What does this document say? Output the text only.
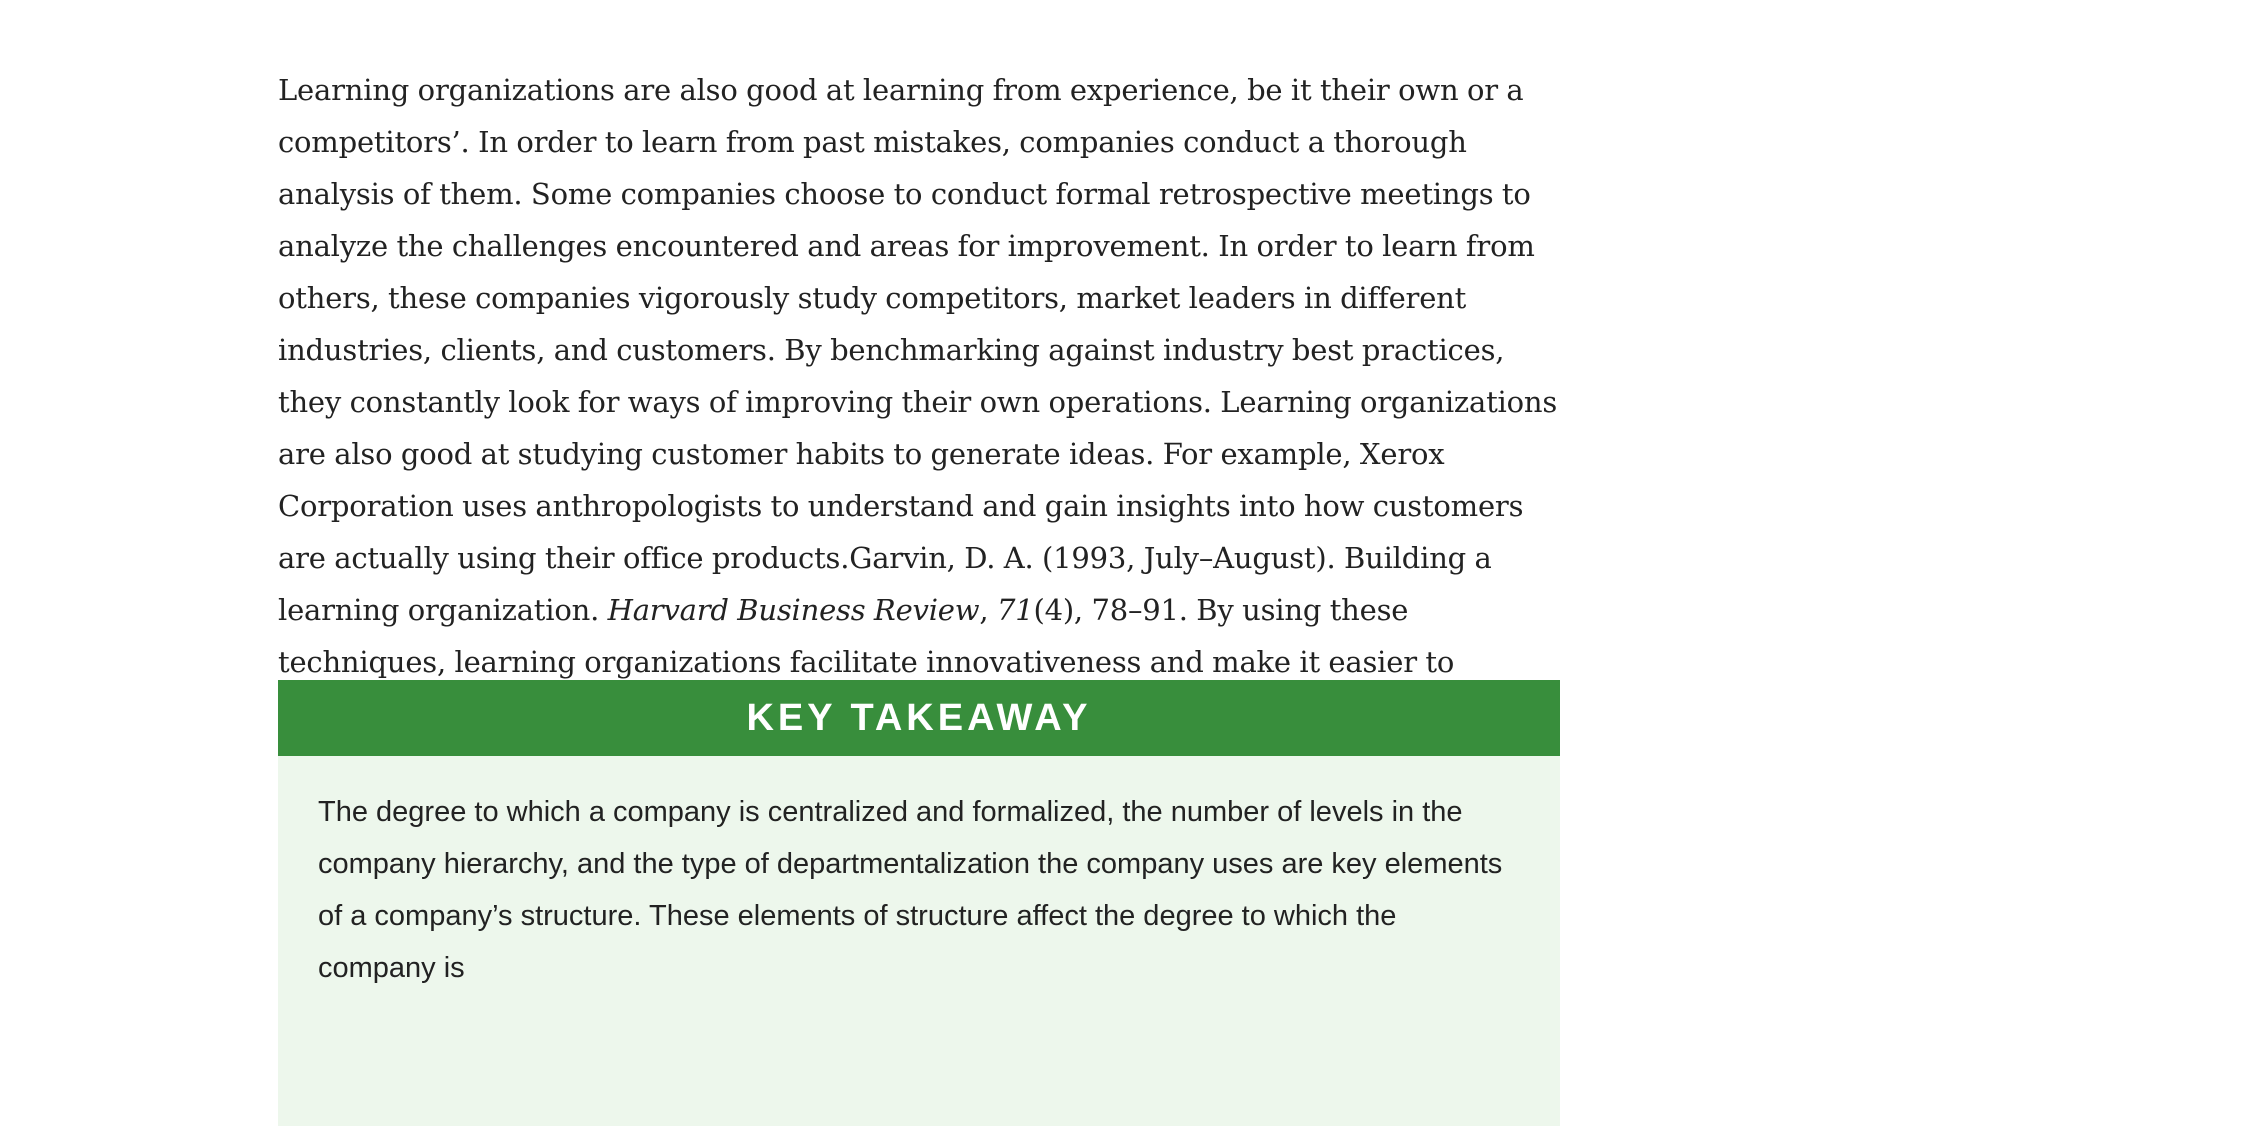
Learning organizations are also good at learning from experience, be it their own or a competitors’. In order to learn from past mistakes, companies conduct a thorough analysis of them. Some companies choose to conduct formal retrospective meetings to analyze the challenges encountered and areas for improvement. In order to learn from others, these companies vigorously study competitors, market leaders in different industries, clients, and customers. By benchmarking against industry best practices, they constantly look for ways of improving their own operations. Learning organizations are also good at studying customer habits to generate ideas. For example, Xerox Corporation uses anthropologists to understand and gain insights into how customers are actually using their office products.Garvin, D. A. (1993, July–August). Building a learning organization. Harvard Business Review, 71(4), 78–91. By using these techniques, learning organizations facilitate innovativeness and make it easier to

KEY TAKEAWAY

The degree to which a company is centralized and formalized, the number of levels in the company hierarchy, and the type of departmentalization the company uses are key elements of a company’s structure. These elements of structure affect the degree to which the company is
